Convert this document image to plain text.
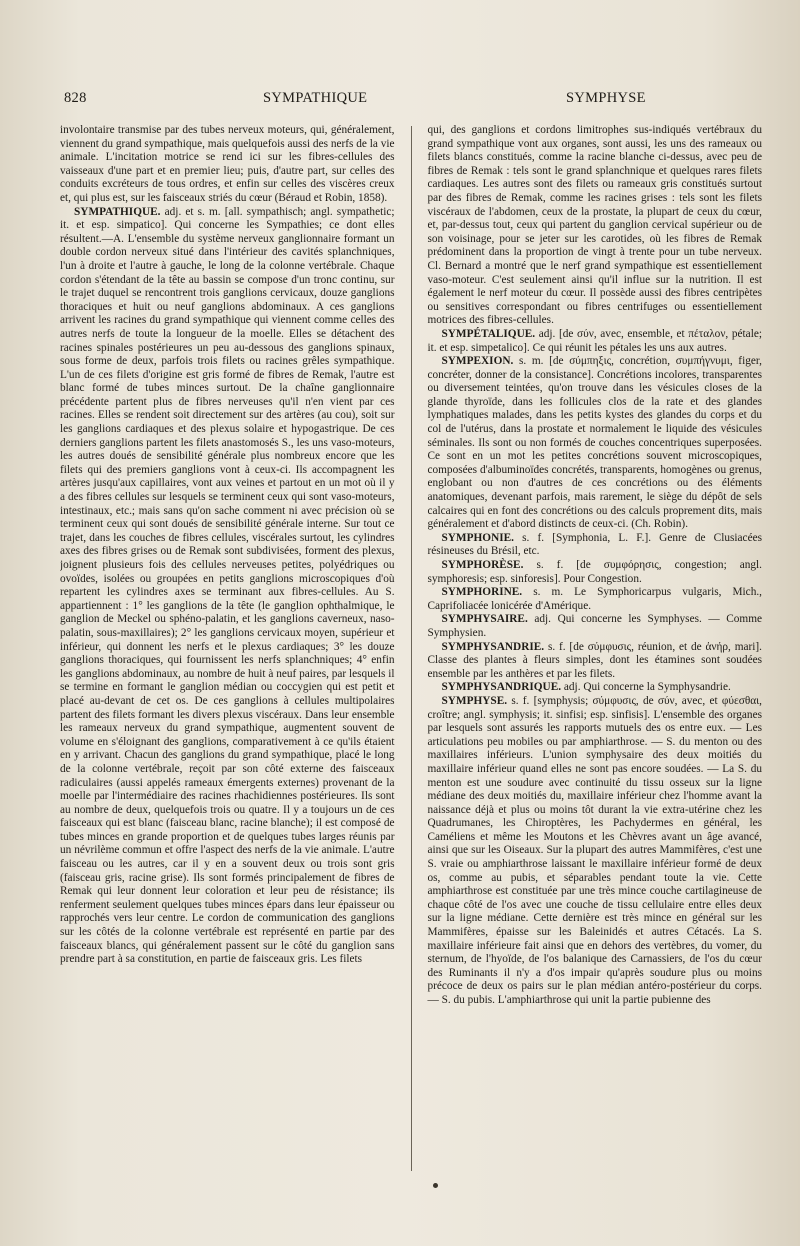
828	SYMPATHIQUE	SYMPHYSE

involontaire transmise par des tubes nerveux moteurs, qui, généralement, viennent du grand sympathique, mais quelquefois aussi des nerfs de la vie animale. L'incitation motrice se rend ici sur les fibres-cellules des vaisseaux d'une part et en premier lieu; puis, d'autre part, sur celles des conduits excréteurs de tous ordres, et enfin sur celles des viscères creux et, qui plus est, sur les faisceaux striés du cœur (Béraud et Robin, 1858).

SYMPATHIQUE. adj. et s. m. [all. sympathisch; angl. sympathetic; it. et esp. simpatico]. Qui concerne les Sympathies; ce dont elles résultent.—A. L'ensemble du système nerveux ganglionnaire formant un double cordon nerveux situé dans l'intérieur des cavités splanchniques, l'un à droite et l'autre à gauche, le long de la colonne vertébrale. Chaque cordon s'étendant de la tête au bassin se compose d'un tronc continu, sur le trajet duquel se rencontrent trois ganglions cervicaux, douze ganglions thoraciques et huit ou neuf ganglions abdominaux. A ces ganglions arrivent les racines du grand sympathique qui viennent comme celles des autres nerfs de toute la longueur de la moelle. Elles se détachent des racines spinales postérieures un peu au-dessous des ganglions spinaux, sous forme de deux, parfois trois filets ou racines grêles sympathique. L'un de ces filets d'origine est gris formé de fibres de Remak, l'autre est blanc formé de tubes minces surtout. De la chaîne ganglionnaire précédente partent plus de fibres nerveuses qu'il n'en vient par ces racines. Elles se rendent soit directement sur des artères (au cou), soit sur les ganglions cardiaques et des plexus solaire et hypogastrique. De ces derniers ganglions partent les filets anastomosés S., les uns vaso-moteurs, les autres doués de sensibilité générale plus nombreux encore que les filets qui des premiers ganglions vont à ceux-ci. Ils accompagnent les artères jusqu'aux capillaires, vont aux veines et partout en un mot où il y a des fibres cellules sur lesquels se terminent ceux qui sont vaso-moteurs, intestinaux, etc.; mais sans qu'on sache comment ni avec précision où se terminent ceux qui sont doués de sensibilité générale interne. Sur tout ce trajet, dans les couches de fibres cellules, viscérales surtout, les cylindres axes des fibres grises ou de Remak sont subdivisées, forment des plexus, joignent plusieurs fois des cellules nerveuses petites, polyédriques ou ovoïdes, isolées ou groupées en petits ganglions microscopiques d'où repartent les cylindres axes se terminant aux fibres-cellules. Au S. appartiennent : 1° les ganglions de la tête (le ganglion ophthalmique, le ganglion de Meckel ou sphéno-palatin, et les ganglions caverneux, naso-palatin, sous-maxillaires); 2° les ganglions cervicaux moyen, supérieur et inférieur, qui donnent les nerfs et le plexus cardiaques; 3° les douze ganglions thoraciques, qui fournissent les nerfs splanchniques; 4° enfin les ganglions abdominaux, au nombre de huit à neuf paires, par lesquels il se termine en formant le ganglion médian ou coccygien qui est petit et placé au-devant de cet os. De ces ganglions à cellules multipolaires partent des filets formant les divers plexus viscéraux. Dans leur ensemble les rameaux nerveux du grand sympathique, augmentent souvent de volume en s'éloignant des ganglions, comparativement à ce qu'ils étaient en y arrivant. Chacun des ganglions du grand sympathique, placé le long de la colonne vertébrale, reçoit par son côté externe des faisceaux radiculaires (aussi appelés rameaux émergents externes) provenant de la moelle par l'intermédiaire des racines rhachidiennes postérieures. Ils sont au nombre de deux, quelquefois trois ou quatre. Il y a toujours un de ces faisceaux qui est blanc (faisceau blanc, racine blanche); il est composé de tubes minces en grande proportion et de quelques tubes larges réunis par un névrilème commun et offre l'aspect des nerfs de la vie animale. L'autre faisceau ou les autres, car il y en a souvent deux ou trois sont gris (faisceau gris, racine grise). Ils sont formés principalement de fibres de Remak qui leur donnent leur coloration et leur peu de résistance; ils renferment seulement quelques tubes minces épars dans leur épaisseur ou rapprochés vers leur centre. Le cordon de communication des ganglions sur les côtés de la colonne vertébrale est représenté en partie par des faisceaux blancs, qui généralement passent sur le côté du ganglion sans prendre part à sa constitution, en partie de faisceaux gris. Les filets

qui, des ganglions et cordons limitrophes sus-indiqués vertébraux du grand sympathique vont aux organes, sont aussi, les uns des rameaux ou filets blancs constitués, comme la racine blanche ci-dessus, avec peu de fibres de Remak : tels sont le grand splanchnique et quelques rares filets cardiaques. Les autres sont des filets ou rameaux gris constitués surtout par des fibres de Remak, comme les racines grises : tels sont les filets viscéraux de l'abdomen, ceux de la prostate, la plupart de ceux du cœur, et, par-dessus tout, ceux qui partent du ganglion cervical supérieur ou de son voisinage, pour se jeter sur les carotides, où les fibres de Remak prédominent dans la proportion de vingt à trente pour un tube nerveux. Cl. Bernard a montré que le nerf grand sympathique est essentiellement vaso-moteur. C'est seulement ainsi qu'il influe sur la nutrition. Il est également le nerf moteur du cœur. Il possède aussi des fibres centripètes ou sensitives correspondant ou fibres centrifuges ou essentiellement motrices des fibres-cellules.

SYMPÉTALIQUE. adj. [de σύν, avec, ensemble, et πέταλον, pétale; it. et esp. simpetalico]. Ce qui réunit les pétales les uns aux autres.

SYMPEXION. s. m. [de σύμπηξις, concrétion, συμπήγνυμι, figer, concréter, donner de la consistance]. Concrétions incolores, transparentes ou diversement teintées, qu'on trouve dans les vésicules closes de la glande thyroïde, dans les follicules clos de la rate et des glandes lymphatiques malades, dans les petits kystes des glandes du corps et du col de l'utérus, dans la prostate et normalement le liquide des vésicules séminales. Ils sont ou non formés de couches concentriques superposées. Ce sont en un mot les petites concrétions souvent microscopiques, composées d'albuminoïdes concrétés, transparents, homogènes ou grenus, englobant ou non d'autres de ces concrétions ou des éléments anatomiques, devenant parfois, mais rarement, le siège du dépôt de sels calcaires qui en font des concrétions ou des calculs proprement dits, mais généralement et d'abord distincts de ceux-ci. (Ch. Robin).

SYMPHONIE. s. f. [Symphonia, L. F.]. Genre de Clusiacées résineuses du Brésil, etc.

SYMPHORÈSE. s. f. [de συμφόρησις, congestion; angl. symphoresis; esp. sinforesis]. Pour Congestion.

SYMPHORINE. s. m. Le Symphoricarpus vulgaris, Mich., Caprifoliacée lonicérée d'Amérique.

SYMPHYSAIRE. adj. Qui concerne les Symphyses. — Comme Symphysien.

SYMPHYSANDRIE. s. f. [de σύμφυσις, réunion, et de ἀνήρ, mari]. Classe des plantes à fleurs simples, dont les étamines sont soudées ensemble par les anthères et par les filets.

SYMPHYSANDRIQUE. adj. Qui concerne la Symphysandrie.

SYMPHYSE. s. f. [symphysis; σύμφυσις, de σύν, avec, et φύεσθαι, croître; angl. symphysis; it. sinfisi; esp. sinfisis]. L'ensemble des organes par lesquels sont assurés les rapports mutuels des os entre eux. — Les articulations peu mobiles ou par amphiarthrose. — S. du menton ou des maxillaires inférieurs. L'union symphysaire des deux moitiés du maxillaire inférieur quand elles ne sont pas encore soudées. — La S. du menton est une soudure avec continuité du tissu osseux sur la ligne médiane des deux moitiés du, maxillaire inférieur chez l'homme avant la naissance déjà et plus ou moins tôt durant la vie extra-utérine chez les Quadrumanes, les Chiroptères, les Pachydermes en général, les Caméliens et même les Moutons et les Chèvres avant un âge avancé, ainsi que sur les Oiseaux. Sur la plupart des autres Mammifères, c'est une S. vraie ou amphiarthrose laissant le maxillaire inférieur formé de deux os, comme au pubis, et séparables pendant toute la vie. Cette amphiarthrose est constituée par une très mince couche cartilagineuse de chaque côté de l'os avec une couche de tissu cellulaire entre elles deux sur la ligne médiane. Cette dernière est très mince en général sur les Mammifères, épaisse sur les Baleinidés et autres Cétacés. La S. maxillaire inférieure fait ainsi que en dehors des vertèbres, du vomer, du sternum, de l'hyoïde, de l'os balanique des Carnassiers, de l'os du cœur des Ruminants il n'y a d'os impair qu'après soudure plus ou moins précoce de deux os pairs sur le plan médian antéro-postérieur du corps. — S. du pubis. L'amphiarthrose qui unit la partie pubienne des
